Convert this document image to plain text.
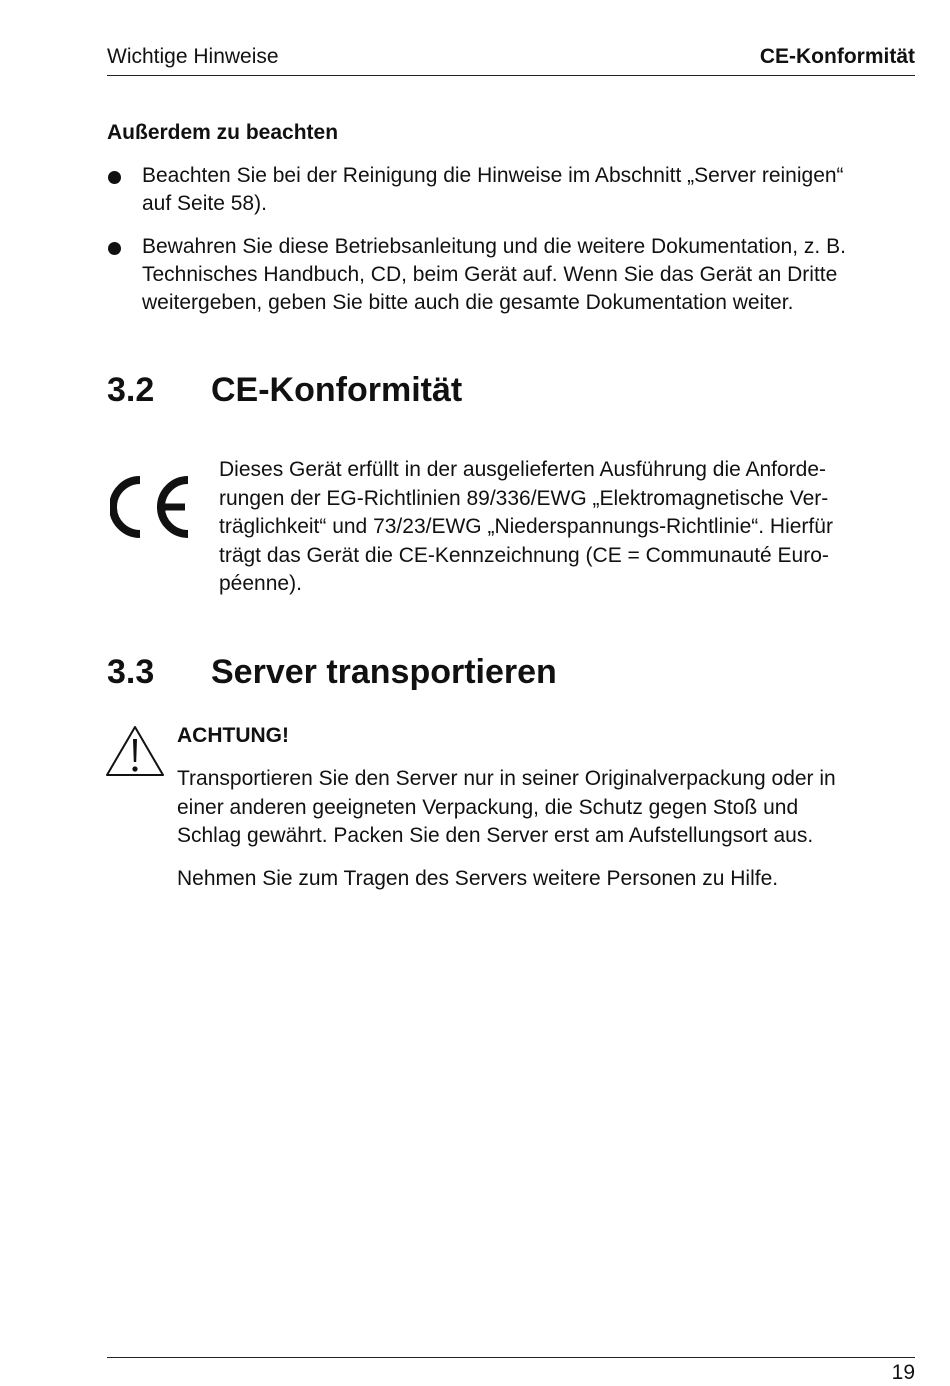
Wichtige Hinweise	CE-Konformität
Außerdem zu beachten
Beachten Sie bei der Reinigung die Hinweise im Abschnitt „Server reinigen“
auf Seite 58).
Bewahren Sie diese Betriebsanleitung und die weitere Dokumentation, z. B.
Technisches Handbuch, CD, beim Gerät auf. Wenn Sie das Gerät an Dritte
weitergeben, geben Sie bitte auch die gesamte Dokumentation weiter.
3.2 CE-Konformität
Dieses Gerät erfüllt in der ausgelieferten Ausführung die Anforde-
rungen der EG-Richtlinien 89/336/EWG „Elektromagnetische Ver-
träglichkeit“ und 73/23/EWG „Niederspannungs-Richtlinie“. Hierfür
trägt das Gerät die CE-Kennzeichnung (CE = Communauté Euro-
péenne).
3.3 Server transportieren
ACHTUNG!
Transportieren Sie den Server nur in seiner Originalverpackung oder in
einer anderen geeigneten Verpackung, die Schutz gegen Stoß und
Schlag gewährt. Packen Sie den Server erst am Aufstellungsort aus.
Nehmen Sie zum Tragen des Servers weitere Personen zu Hilfe.
19
